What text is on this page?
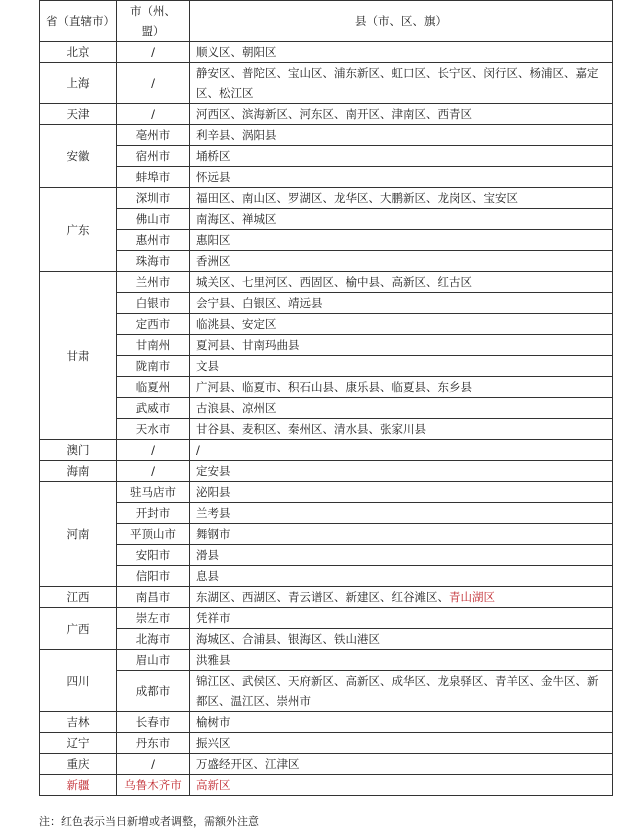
省（直辖市）	市（州、盟）	县（市、区、旗）
北京	/	顺义区、朝阳区
上海	/	静安区、普陀区、宝山区、浦东新区、虹口区、长宁区、闵行区、杨浦区、嘉定区、松江区
天津	/	河西区、滨海新区、河东区、南开区、津南区、西青区
安徽	亳州市	利辛县、涡阳县
	宿州市	埇桥区
	蚌埠市	怀远县
广东	深圳市	福田区、南山区、罗湖区、龙华区、大鹏新区、龙岗区、宝安区
	佛山市	南海区、禅城区
	惠州市	惠阳区
	珠海市	香洲区
甘肃	兰州市	城关区、七里河区、西固区、榆中县、高新区、红古区
	白银市	会宁县、白银区、靖远县
	定西市	临洮县、安定区
	甘南州	夏河县、甘南玛曲县
	陇南市	文县
	临夏州	广河县、临夏市、积石山县、康乐县、临夏县、东乡县
	武威市	古浪县、凉州区
	天水市	甘谷县、麦积区、秦州区、清水县、张家川县
澳门	/	/
海南	/	定安县
河南	驻马店市	泌阳县
	开封市	兰考县
	平顶山市	舞钢市
	安阳市	滑县
	信阳市	息县
江西	南昌市	东湖区、西湖区、青云谱区、新建区、红谷滩区、青山湖区
广西	崇左市	凭祥市
	北海市	海城区、合浦县、银海区、铁山港区
四川	眉山市	洪雅县
	成都市	锦江区、武侯区、天府新区、高新区、成华区、龙泉驿区、青羊区、金牛区、新都区、温江区、崇州市
吉林	长春市	榆树市
辽宁	丹东市	振兴区
重庆	/	万盛经开区、江津区
新疆	乌鲁木齐市	高新区
注：红色表示当日新增或者调整，需额外注意
